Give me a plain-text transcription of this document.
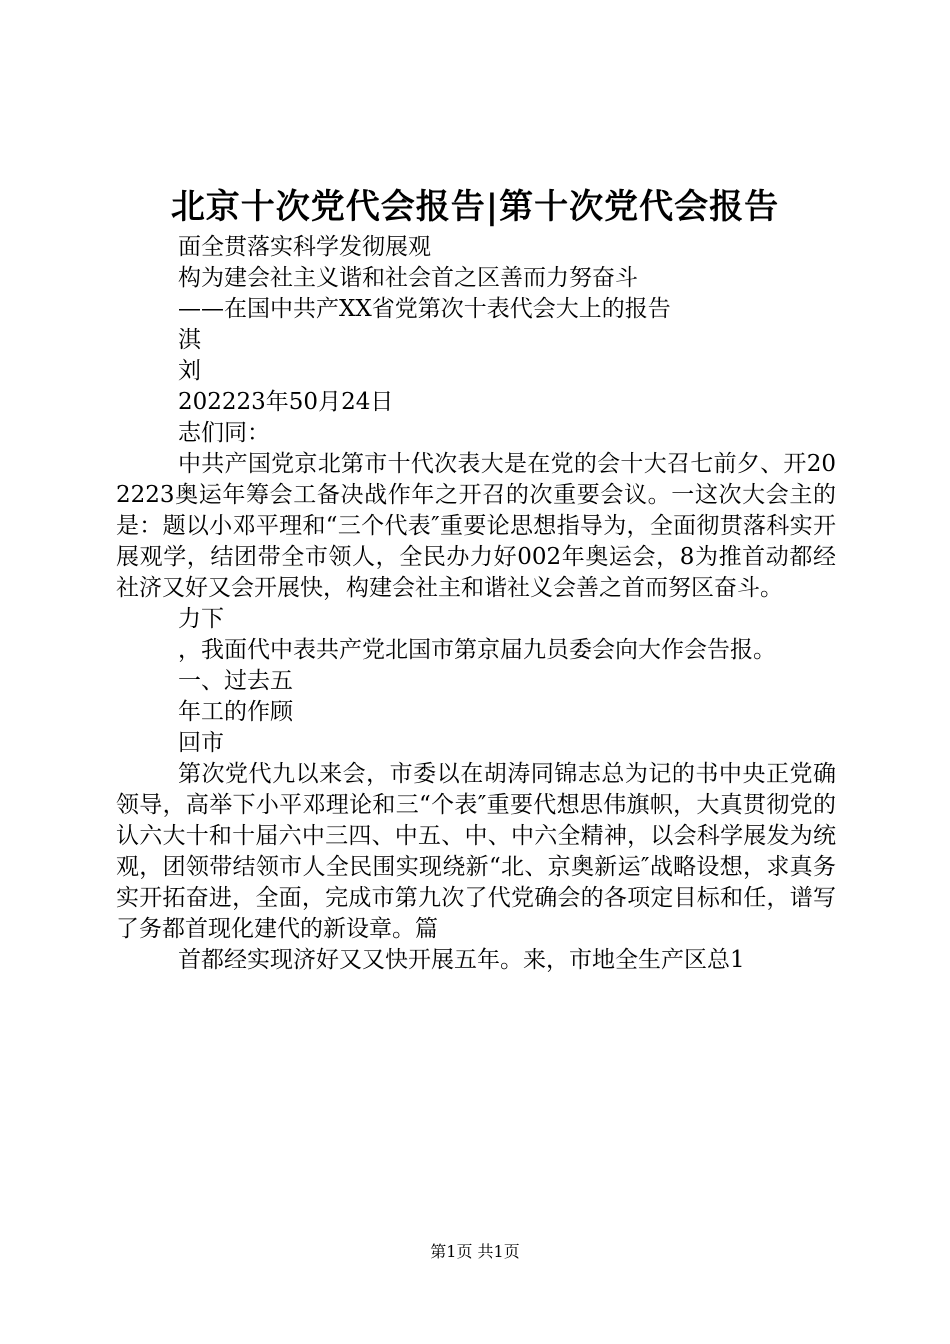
北京十次党代会报告|第十次党代会报告

面全贯落实科学发彻展观

构为建会社主义谐和社会首之区善而力努奋斗

——在国中共产XX省党第次十表代会大上的报告

淇

刘

202223年50月24日

志们同：

中共产国党京北第市十代次表大是在党的会十大召七前夕、开202223奥运年筹会工备决战作年之开召的次重要会议。一这次大会主的是：题以小邓平理和“三个代表″重要论思想指导为，全面彻贯落科实开展观学，结团带全市领人，全民办力好002年奥运会，8为推首动都经社济又好又会开展快，构建会社主和谐社义会善之首而努区奋斗。

力下

，我面代中表共产党北国市第京届九员委会向大作会告报。

一、过去五

年工的作顾

回市

第次党代九以来会，市委以在胡涛同锦志总为记的书中央正党确领导，高举下小平邓理论和三“个表″重要代想思伟旗帜，大真贯彻党的认六大十和十届六中三四、中五、中、中六全精神，以会科学展发为统观，团领带结领市人全民围实现绕新“北、京奥新运″战略设想，求真务实开拓奋进，全面，完成市第九次了代党确会的各项定目标和任，谱写了务都首现化建代的新设章。篇

首都经实现济好又又快开展五年。来，市地全生产区总1

第1页 共1页
